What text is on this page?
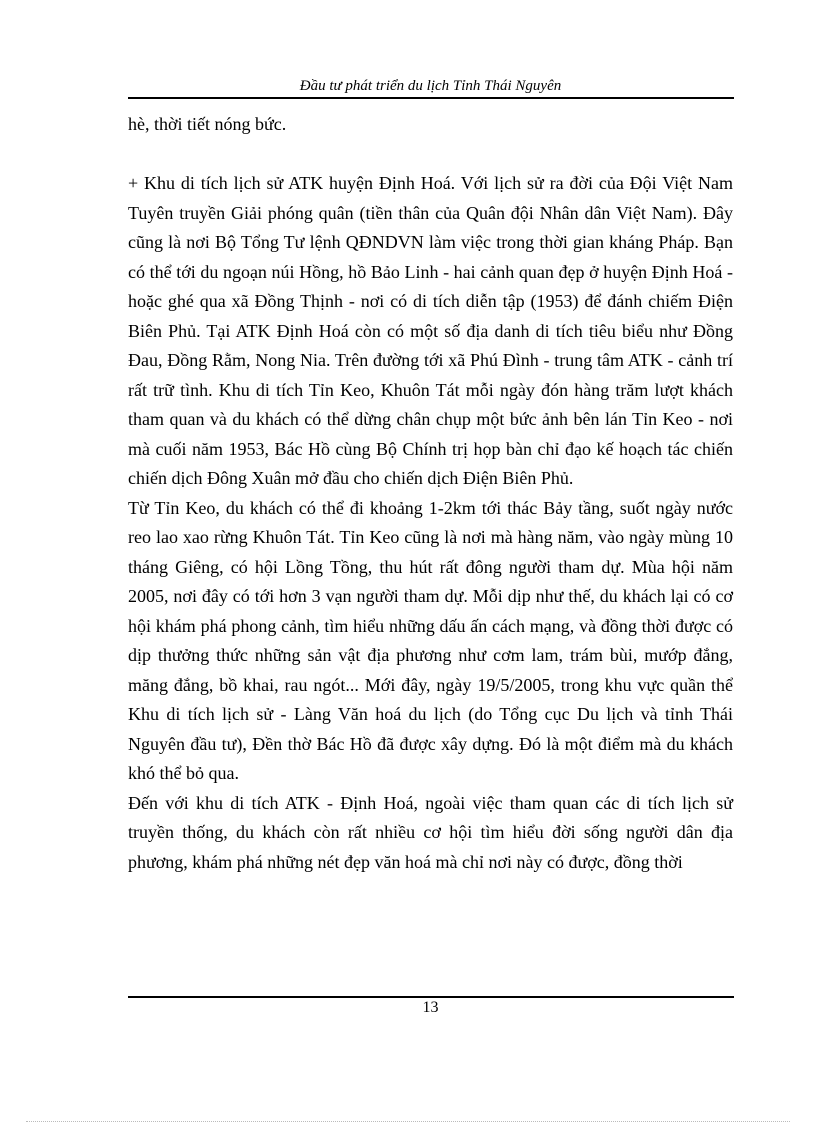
Đầu tư phát triển du lịch Tỉnh Thái Nguyên

hè, thời tiết nóng bức.

+ Khu di tích lịch sử ATK huyện Định Hoá. Với lịch sử ra đời của Đội Việt Nam Tuyên truyền Giải phóng quân (tiền thân của Quân đội Nhân dân Việt Nam). Đây cũng là nơi Bộ Tổng Tư lệnh QĐNDVN làm việc trong thời gian kháng Pháp. Bạn có thể tới du ngoạn núi Hồng, hồ Bảo Linh - hai cảnh quan đẹp ở huyện Định Hoá - hoặc ghé qua xã Đồng Thịnh - nơi có di tích diễn tập (1953) để đánh chiếm Điện Biên Phủ. Tại ATK Định Hoá còn có một số địa danh di tích tiêu biểu như Đồng Đau, Đồng Rằm, Nong Nia. Trên đường tới xã Phú Đình - trung tâm ATK - cảnh trí rất trữ tình. Khu di tích Tỉn Keo, Khuôn Tát mỗi ngày đón hàng trăm lượt khách tham quan và du khách có thể dừng chân chụp một bức ảnh bên lán Tỉn Keo - nơi mà cuối năm 1953, Bác Hồ cùng Bộ Chính trị họp bàn chỉ đạo kế hoạch tác chiến chiến dịch Đông Xuân mở đầu cho chiến dịch Điện Biên Phủ.

Từ Tỉn Keo, du khách có thể đi khoảng 1-2km tới thác Bảy tầng, suốt ngày nước reo lao xao rừng Khuôn Tát. Tỉn Keo cũng là nơi mà hàng năm, vào ngày mùng 10 tháng Giêng, có hội Lồng Tồng, thu hút rất đông người tham dự. Mùa hội năm 2005, nơi đây có tới hơn 3 vạn người tham dự. Mỗi dịp như thế, du khách lại có cơ hội khám phá phong cảnh, tìm hiểu những dấu ấn cách mạng, và đồng thời được có dịp thưởng thức những sản vật địa phương như cơm lam, trám bùi, mướp đắng, măng đắng, bồ khai, rau ngót... Mới đây, ngày 19/5/2005, trong khu vực quần thể Khu di tích lịch sử - Làng Văn hoá du lịch (do Tổng cục Du lịch và tỉnh Thái Nguyên đầu tư), Đền thờ Bác Hồ đã được xây dựng. Đó là một điểm mà du khách khó thể bỏ qua.

Đến với khu di tích ATK - Định Hoá, ngoài việc tham quan các di tích lịch sử truyền thống, du khách còn rất nhiều cơ hội tìm hiểu đời sống người dân địa phương, khám phá những nét đẹp văn hoá mà chỉ nơi này có được, đồng thời

13
